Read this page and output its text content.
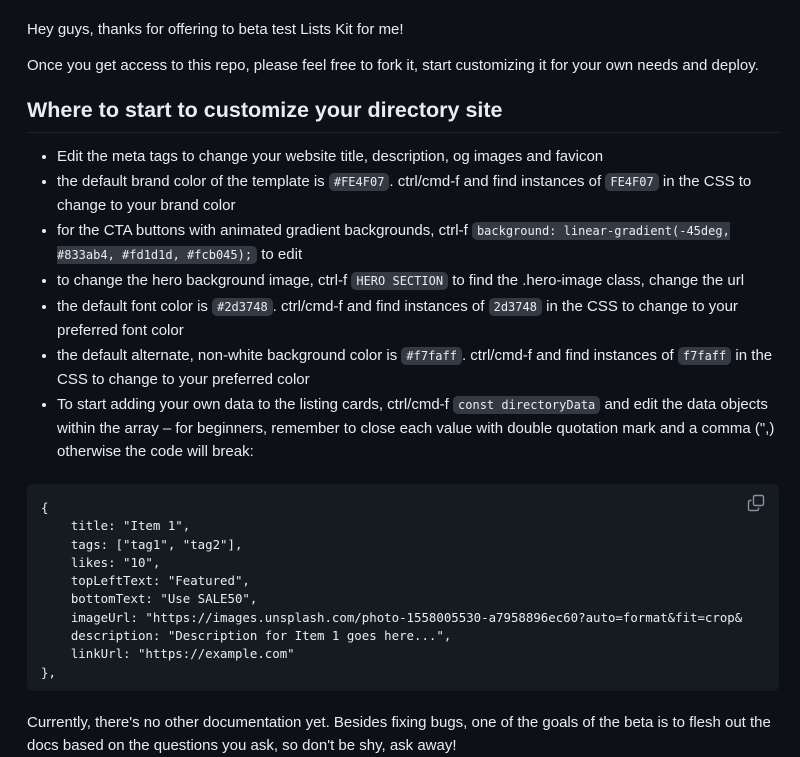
Hey guys, thanks for offering to beta test Lists Kit for me!

Once you get access to this repo, please feel free to fork it, start customizing it for your own needs and deploy.

Where to start to customize your directory site
• Edit the meta tags to change your website title, description, og images and favicon
• the default brand color of the template is #FE4F07 . ctrl/cmd-f and find instances of FE4F07 in the CSS to change to your brand color
• for the CTA buttons with animated gradient backgrounds, ctrl-f background: linear-gradient(-45deg, #833ab4, #fd1d1d, #fcb045); to edit
• to change the hero background image, ctrl-f HERO SECTION to find the .hero-image class, change the url
• the default font color is #2d3748 . ctrl/cmd-f and find instances of 2d3748 in the CSS to change to your preferred font color
• the default alternate, non-white background color is #f7faff . ctrl/cmd-f and find instances of f7faff in the CSS to change to your preferred color
• To start adding your own data to the listing cards, ctrl/cmd-f const directoryData and edit the data objects within the array – for beginners, remember to close each value with double quotation mark and a comma (",) otherwise the code will break:
{
title: "Item 1",
tags: ["tag1", "tag2"],
likes: "10",
topLeftText: "Featured",
bottomText: "Use SALE50",
imageUrl: "https://images.unsplash.com/photo-1558005530-a7958896ec60?auto=format&fit=crop&
description: "Description for Item 1 goes here...",
linkUrl: "https://example.com"
},

Currently, there's no other documentation yet. Besides fixing bugs, one of the goals of the beta is to flesh out the docs based on the questions you ask, so don't be shy, ask away!
